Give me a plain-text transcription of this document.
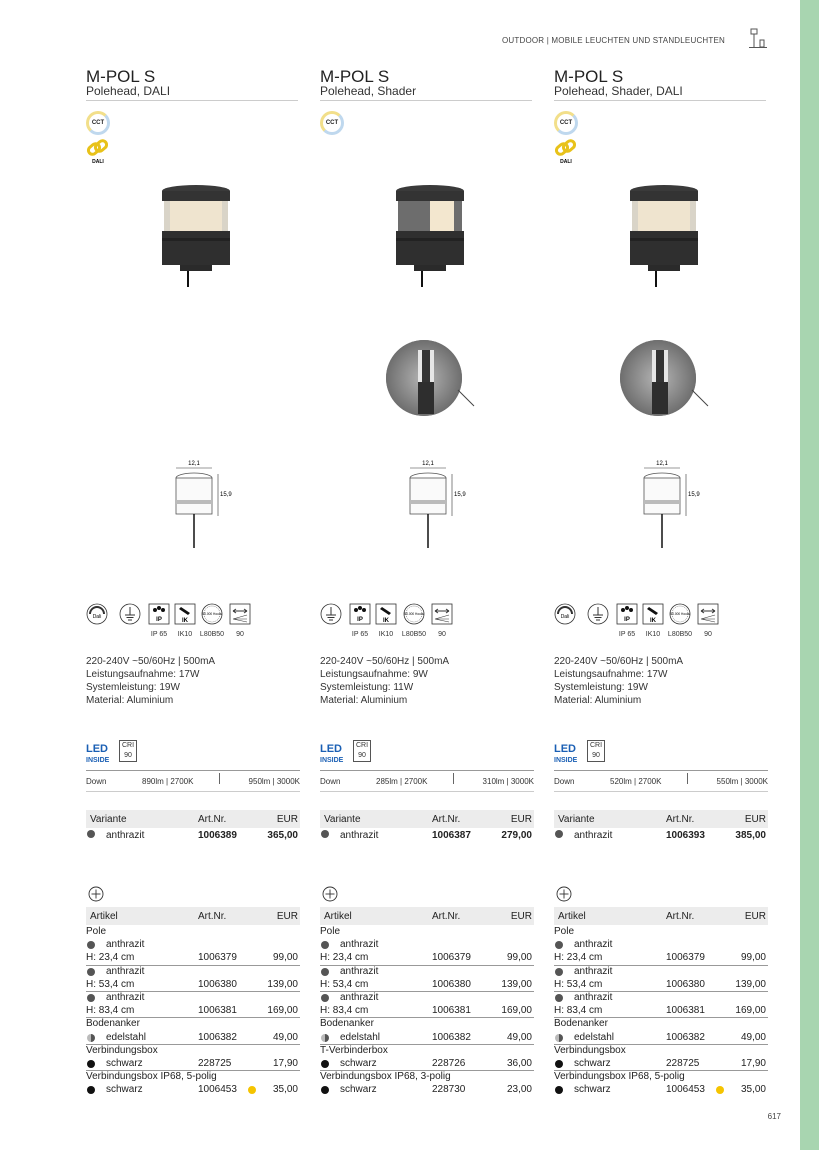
OUTDOOR | MOBILE LEUCHTEN UND STANDLEUCHTEN
617
M-POL S
Polehead, DALI
CCT
DALI
12,1
15,9
Dali	IP
IP 65
IK
IK10
50.000 Hours
L80B50 90
220-240V ~50/60Hz | 500mA
Leistungsaufnahme: 17W
Systemleistung: 19W
Material: Aluminium
LED
INSIDE
CRI
90
Down	890lm | 2700K	950lm | 3000K
Variante	Art.Nr.	EUR
anthrazit	1006389	365,00
Artikel	Art.Nr.	EUR
Pole
anthrazit
H: 23,4 cm	1006379	99,00
anthrazit
H: 53,4 cm	1006380	139,00
anthrazit
H: 83,4 cm	1006381	169,00
Bodenanker
edelstahl	1006382	49,00
Verbindungsbox
schwarz	228725	17,90
Verbindungsbox IP68, 5-polig
schwarz	1006453	35,00
M-POL S
Polehead, Shader
CCT
12,1
15,9
IP
IP 65
IK
IK10
50.000 Hours
L80B50 90
220-240V ~50/60Hz | 500mA
Leistungsaufnahme: 9W
Systemleistung: 11W
Material: Aluminium
LED
INSIDE
CRI
90
Down	285lm | 2700K	310lm | 3000K
Variante	Art.Nr.	EUR
anthrazit	1006387	279,00
Artikel	Art.Nr.	EUR
Pole
anthrazit
H: 23,4 cm	1006379	99,00
anthrazit
H: 53,4 cm	1006380	139,00
anthrazit
H: 83,4 cm	1006381	169,00
Bodenanker
edelstahl	1006382	49,00
T-Verbinderbox
schwarz	228726	36,00
Verbindungsbox IP68, 3-polig
schwarz	228730	23,00
M-POL S
Polehead, Shader, DALI
CCT
DALI
12,1
15,9
Dali	IP
IP 65
IK
IK10
50.000 Hours
L80B50 90
220-240V ~50/60Hz | 500mA
Leistungsaufnahme: 17W
Systemleistung: 19W
Material: Aluminium
LED
INSIDE
CRI
90
Down	520lm | 2700K	550lm | 3000K
Variante	Art.Nr.	EUR
anthrazit	1006393	385,00
Artikel	Art.Nr.	EUR
Pole
anthrazit
H: 23,4 cm	1006379	99,00
anthrazit
H: 53,4 cm	1006380	139,00
anthrazit
H: 83,4 cm	1006381	169,00
Bodenanker
edelstahl	1006382	49,00
Verbindungsbox
schwarz	228725	17,90
Verbindungsbox IP68, 5-polig
schwarz	1006453	35,00
